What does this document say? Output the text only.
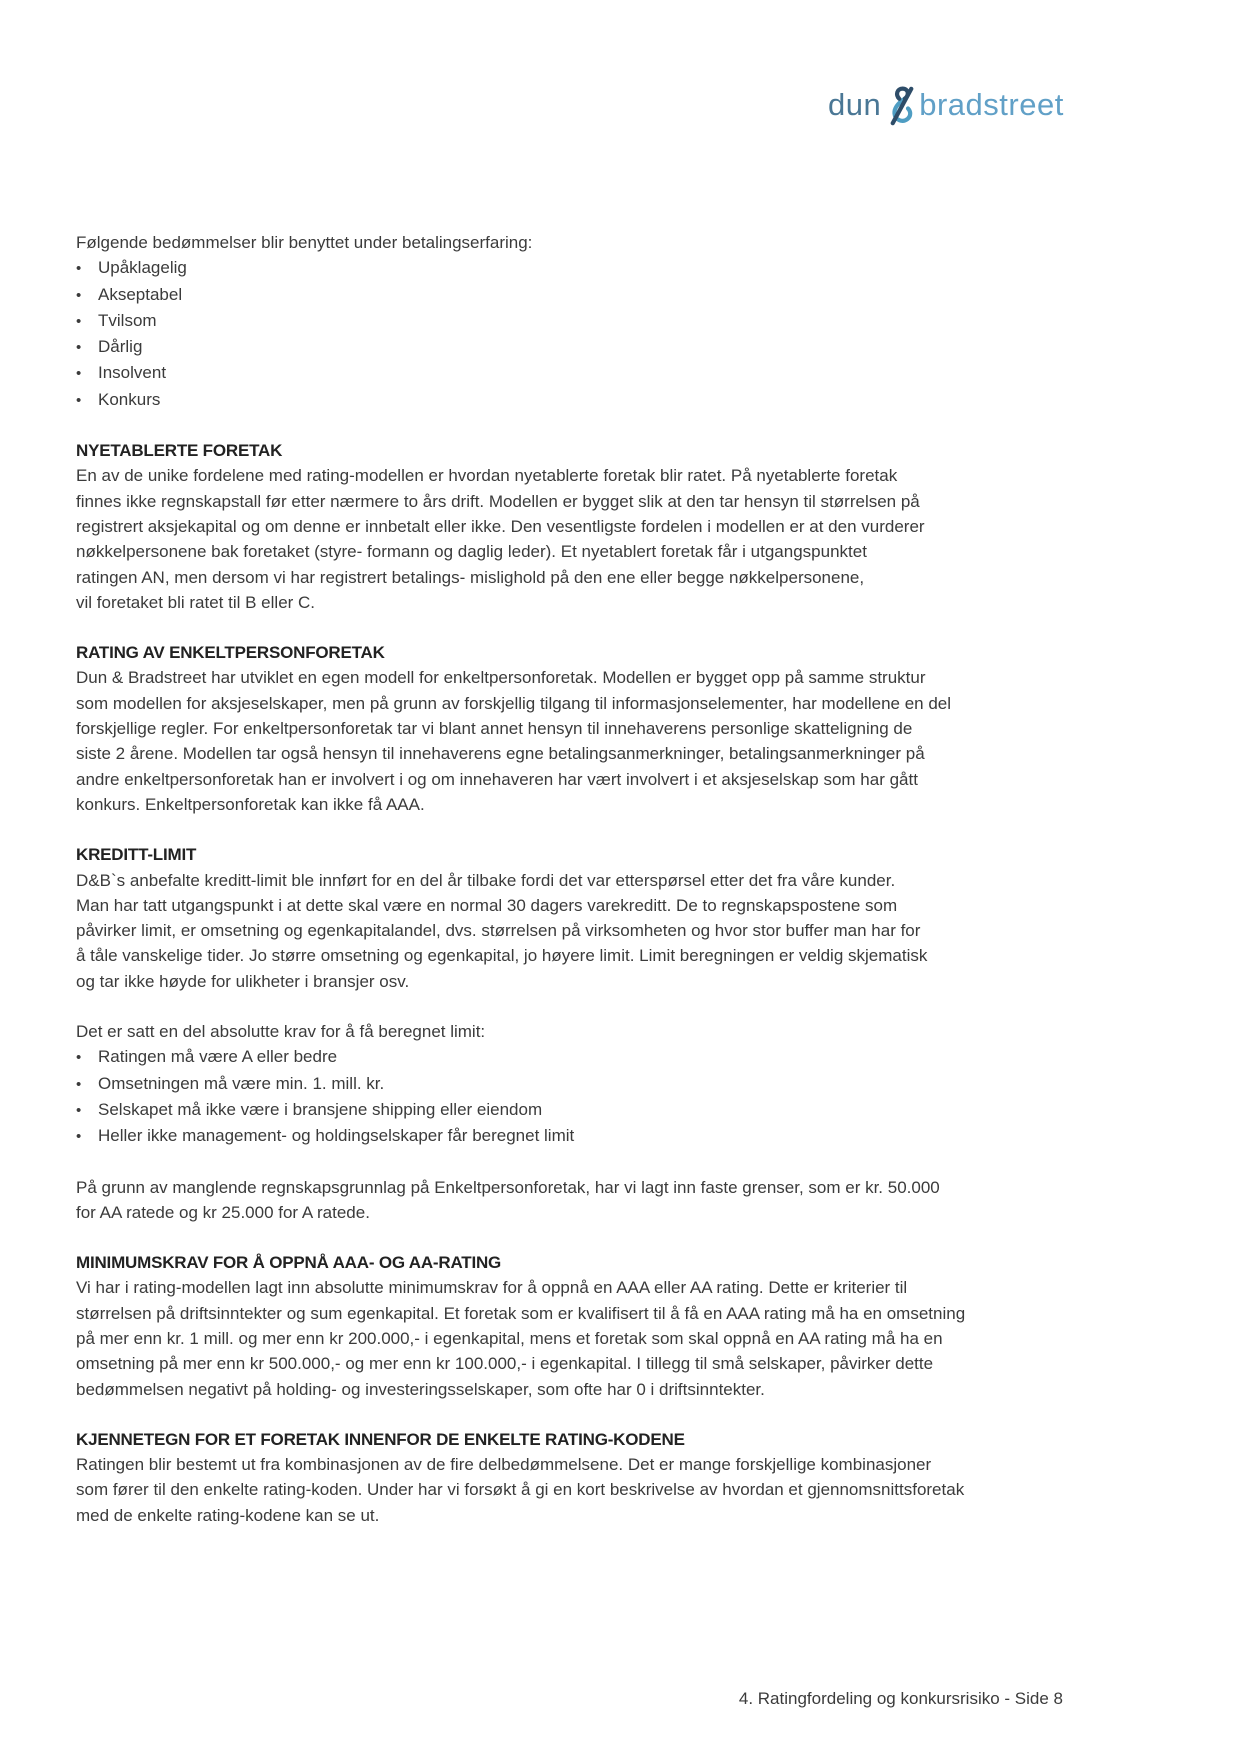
dun bradstreet
Følgende bedømmelser blir benyttet under betalingserfaring:
• Upåklagelig
• Akseptabel
• Tvilsom
• Dårlig
• Insolvent
• Konkurs
NYETABLERTE FORETAK
En av de unike fordelene med rating-modellen er hvordan nyetablerte foretak blir ratet. På nyetablerte foretak
finnes ikke regnskapstall før etter nærmere to års drift. Modellen er bygget slik at den tar hensyn til størrelsen på
registrert aksjekapital og om denne er innbetalt eller ikke. Den vesentligste fordelen i modellen er at den vurderer
nøkkelpersonene bak foretaket (styre- formann og daglig leder). Et nyetablert foretak får i utgangspunktet
ratingen AN, men dersom vi har registrert betalings- mislighold på den ene eller begge nøkkelpersonene,
vil foretaket bli ratet til B eller C.
RATING AV ENKELTPERSONFORETAK
Dun & Bradstreet har utviklet en egen modell for enkeltpersonforetak. Modellen er bygget opp på samme struktur
som modellen for aksjeselskaper, men på grunn av forskjellig tilgang til informasjonselementer, har modellene en del
forskjellige regler. For enkeltpersonforetak tar vi blant annet hensyn til innehaverens personlige skatteligning de
siste 2 årene. Modellen tar også hensyn til innehaverens egne betalingsanmerkninger, betalingsanmerkninger på
andre enkeltpersonforetak han er involvert i og om innehaveren har vært involvert i et aksjeselskap som har gått
konkurs. Enkeltpersonforetak kan ikke få AAA.
KREDITT-LIMIT
D&B`s anbefalte kreditt-limit ble innført for en del år tilbake fordi det var etterspørsel etter det fra våre kunder.
Man har tatt utgangspunkt i at dette skal være en normal 30 dagers varekreditt. De to regnskapspostene som
påvirker limit, er omsetning og egenkapitalandel, dvs. størrelsen på virksomheten og hvor stor buffer man har for
å tåle vanskelige tider. Jo større omsetning og egenkapital, jo høyere limit. Limit beregningen er veldig skjematisk
og tar ikke høyde for ulikheter i bransjer osv.
Det er satt en del absolutte krav for å få beregnet limit:
• Ratingen må være A eller bedre
• Omsetningen må være min. 1. mill. kr.
• Selskapet må ikke være i bransjene shipping eller eiendom
• Heller ikke management- og holdingselskaper får beregnet limit
På grunn av manglende regnskapsgrunnlag på Enkeltpersonforetak, har vi lagt inn faste grenser, som er kr. 50.000
for AA ratede og kr 25.000 for A ratede.
MINIMUMSKRAV FOR Å OPPNÅ AAA- OG AA-RATING
Vi har i rating-modellen lagt inn absolutte minimumskrav for å oppnå en AAA eller AA rating. Dette er kriterier til
størrelsen på driftsinntekter og sum egenkapital. Et foretak som er kvalifisert til å få en AAA rating må ha en omsetning
på mer enn kr. 1 mill. og mer enn kr 200.000,- i egenkapital, mens et foretak som skal oppnå en AA rating må ha en
omsetning på mer enn kr 500.000,- og mer enn kr 100.000,- i egenkapital. I tillegg til små selskaper, påvirker dette
bedømmelsen negativt på holding- og investeringsselskaper, som ofte har 0 i driftsinntekter.
KJENNETEGN FOR ET FORETAK INNENFOR DE ENKELTE RATING-KODENE
Ratingen blir bestemt ut fra kombinasjonen av de fire delbedømmelsene. Det er mange forskjellige kombinasjoner
som fører til den enkelte rating-koden. Under har vi forsøkt å gi en kort beskrivelse av hvordan et gjennomsnittsforetak
med de enkelte rating-kodene kan se ut.
4. Ratingfordeling og konkursrisiko - Side 8
